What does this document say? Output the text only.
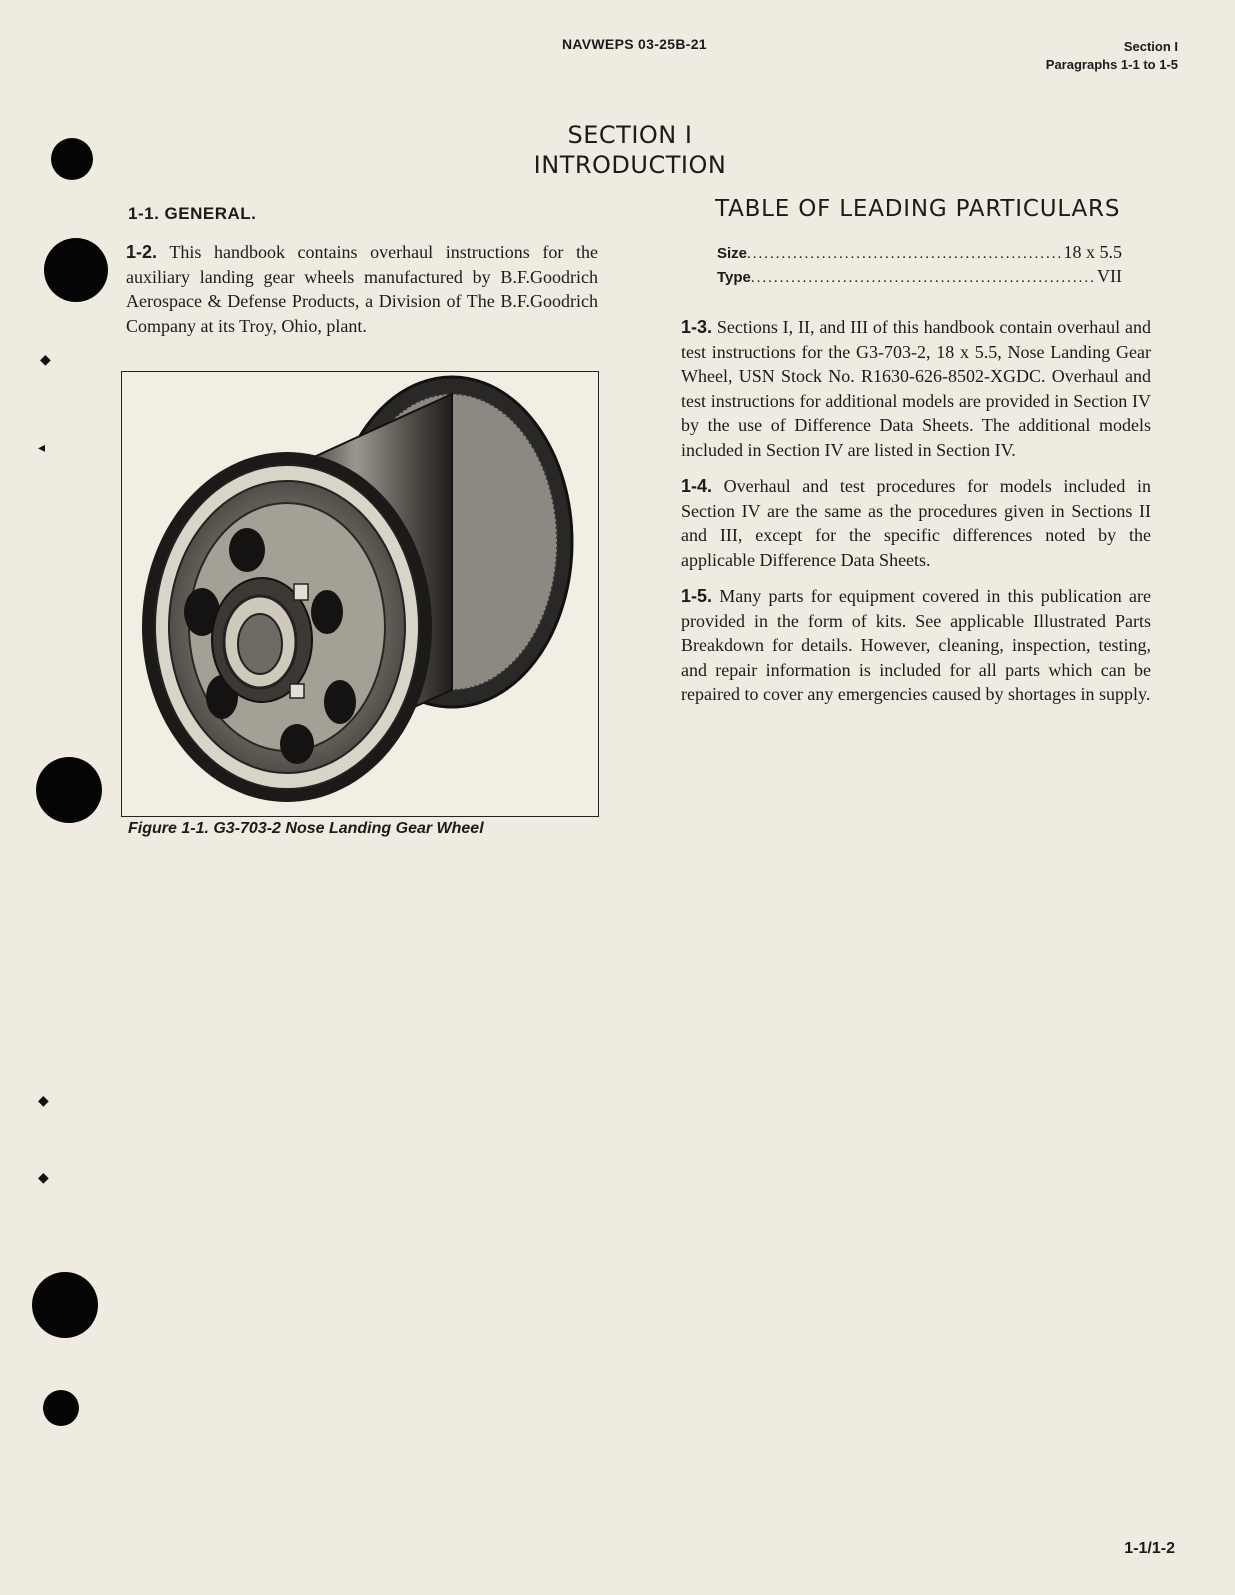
◆
◂
◆
◆
NAVWEPS 03-25B-21	Section I
Paragraphs 1-1 to 1-5
SECTION I
INTRODUCTION
1-1. GENERAL.

1-2. This handbook contains overhaul instructions for the auxiliary landing gear wheels manufactured by B.F.Goodrich Aerospace & Defense Products, a Division of The B.F.Goodrich Company at its Troy, Ohio, plant.

Figure 1-1. G3-703-2 Nose Landing Gear Wheel
TABLE OF LEADING PARTICULARS
Size .....	18 x 5.5
Type .....	VII

1-3. Sections I, II, and III of this handbook contain overhaul and test instructions for the G3-703-2, 18 x 5.5, Nose Landing Gear Wheel, USN Stock No. R1630-626-8502-XGDC. Overhaul and test instructions for additional models are provided in Section IV by the use of Difference Data Sheets. The additional models included in Section IV are listed in Section IV.

1-4. Overhaul and test procedures for models included in Section IV are the same as the procedures given in Sections II and III, except for the specific differences noted by the applicable Difference Data Sheets.

1-5. Many parts for equipment covered in this publication are provided in the form of kits. See applicable Illustrated Parts Breakdown for details. However, cleaning, inspection, testing, and repair information is included for all parts which can be repaired to cover any emergencies caused by shortages in supply.

1-1/1-2
